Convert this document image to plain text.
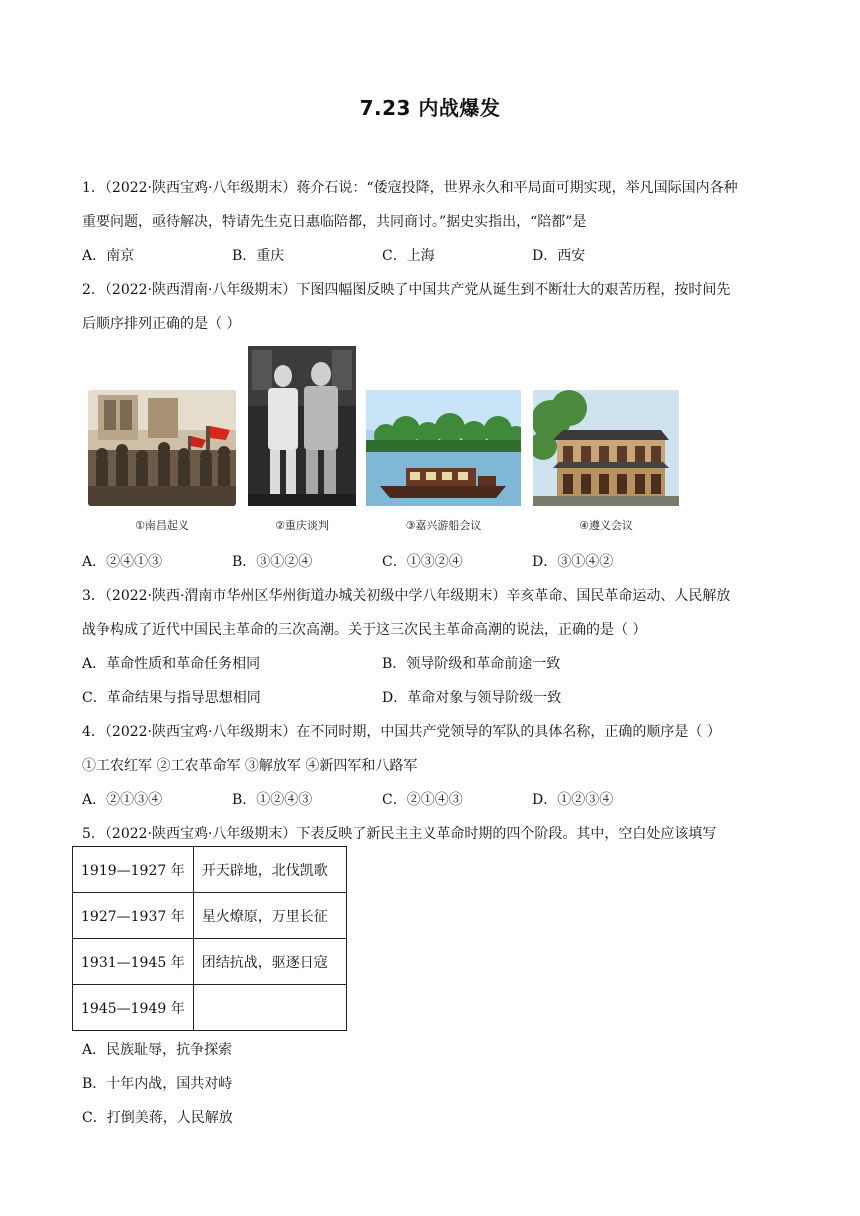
7.23 内战爆发
1．（2022·陕西宝鸡·八年级期末）蒋介石说：“倭寇投降，世界永久和平局面可期实现，举凡国际国内各种
重要问题，亟待解决，特请先生克日惠临陪都，共同商讨。”据史实指出，“陪都”是
A．南京	B．重庆	C．上海	D．西安
2．（2022·陕西渭南·八年级期末）下图四幅图反映了中国共产党从诞生到不断壮大的艰苦历程，按时间先
后顺序排列正确的是（ ）
①南昌起义	②重庆谈判	③嘉兴游船会议	④遵义会议
A．②④①③	B．③①②④	C．①③②④	D．③①④②
3．（2022·陕西·渭南市华州区华州街道办城关初级中学八年级期末）辛亥革命、国民革命运动、人民解放
战争构成了近代中国民主革命的三次高潮。关于这三次民主革命高潮的说法，正确的是（ ）
A．革命性质和革命任务相同	B．领导阶级和革命前途一致
C．革命结果与指导思想相同	D．革命对象与领导阶级一致
4．（2022·陕西宝鸡·八年级期末）在不同时期，中国共产党领导的军队的具体名称，正确的顺序是（ ）
①工农红军 ②工农革命军 ③解放军 ④新四军和八路军
A．②①③④	B．①②④③	C．②①④③	D．①②③④
5．（2022·陕西宝鸡·八年级期末）下表反映了新民主主义革命时期的四个阶段。其中，空白处应该填写
1919—1927 年	开天辟地，北伐凯歌
1927—1937 年	星火燎原，万里长征
1931—1945 年	团结抗战，驱逐日寇
1945—1949 年	
A．民族耻辱，抗争探索
B．十年内战，国共对峙
C．打倒美蒋，人民解放
